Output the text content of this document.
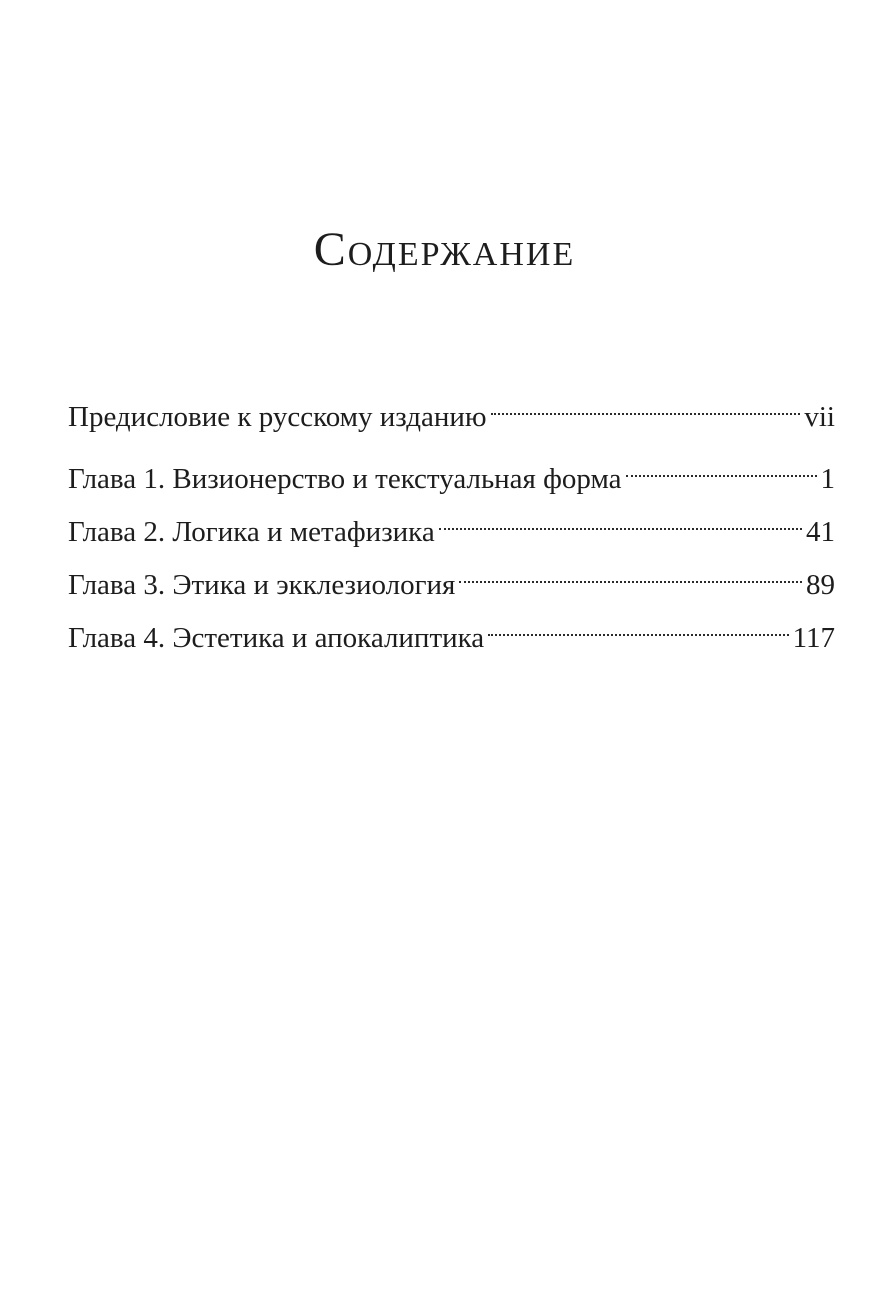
Содержание
Предисловие к русскому изданию	vii
Глава 1. Визионерство и текстуальная форма	1
Глава 2. Логика и метафизика	41
Глава 3. Этика и экклезиология	89
Глава 4. Эстетика и апокалиптика	117
